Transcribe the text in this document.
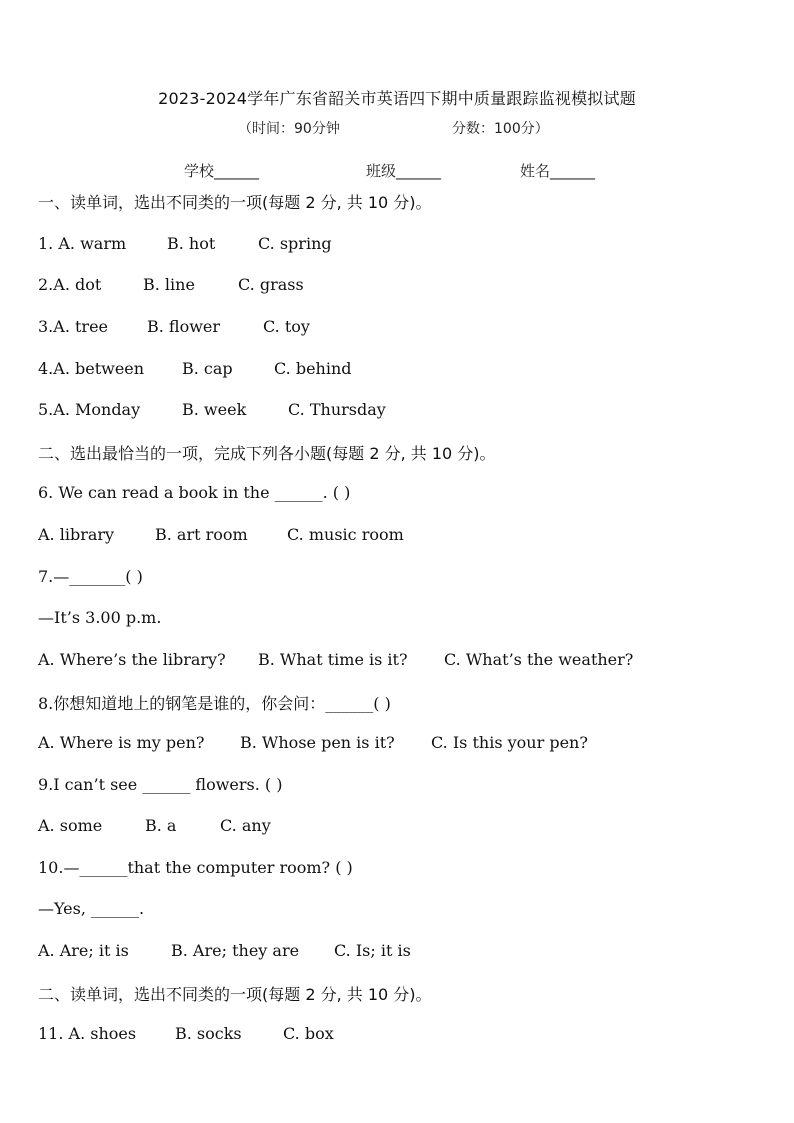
2023-2024学年广东省韶关市英语四下期中质量跟踪监视模拟试题
（时间：90分钟	分数：100分）
学校______	班级______	姓名______
一、读单词，选出不同类的一项(每题 2 分, 共 10 分)。
1. A. warm	B. hot	C. spring
2.A. dot	B. line	C. grass
3.A. tree B. flower	C. toy
4.A. between B. cap	C. behind
5.A. Monday	B. week	C. Thursday
二、选出最恰当的一项，完成下列各小题(每题 2 分, 共 10 分)。
6. We can read a book in the ______. ( )
A. library	B. art room C. music room
7.—_______( )
—It’s 3.00 p.m.
A. Where’s the library? B. What time is it? C. What’s the weather?
8.你想知道地上的钢笔是谁的，你会问：______( )
A. Where is my pen? B. Whose pen is it? C. Is this your pen?
9.I can’t see ______ flowers. ( )
A. some	B. a	C. any
10.—______that the computer room? ( )
—Yes, ______.
A. Are; it is	B. Are; they are C. Is; it is
二、读单词，选出不同类的一项(每题 2 分, 共 10 分)。
11. A. shoes B. socks	C. box
